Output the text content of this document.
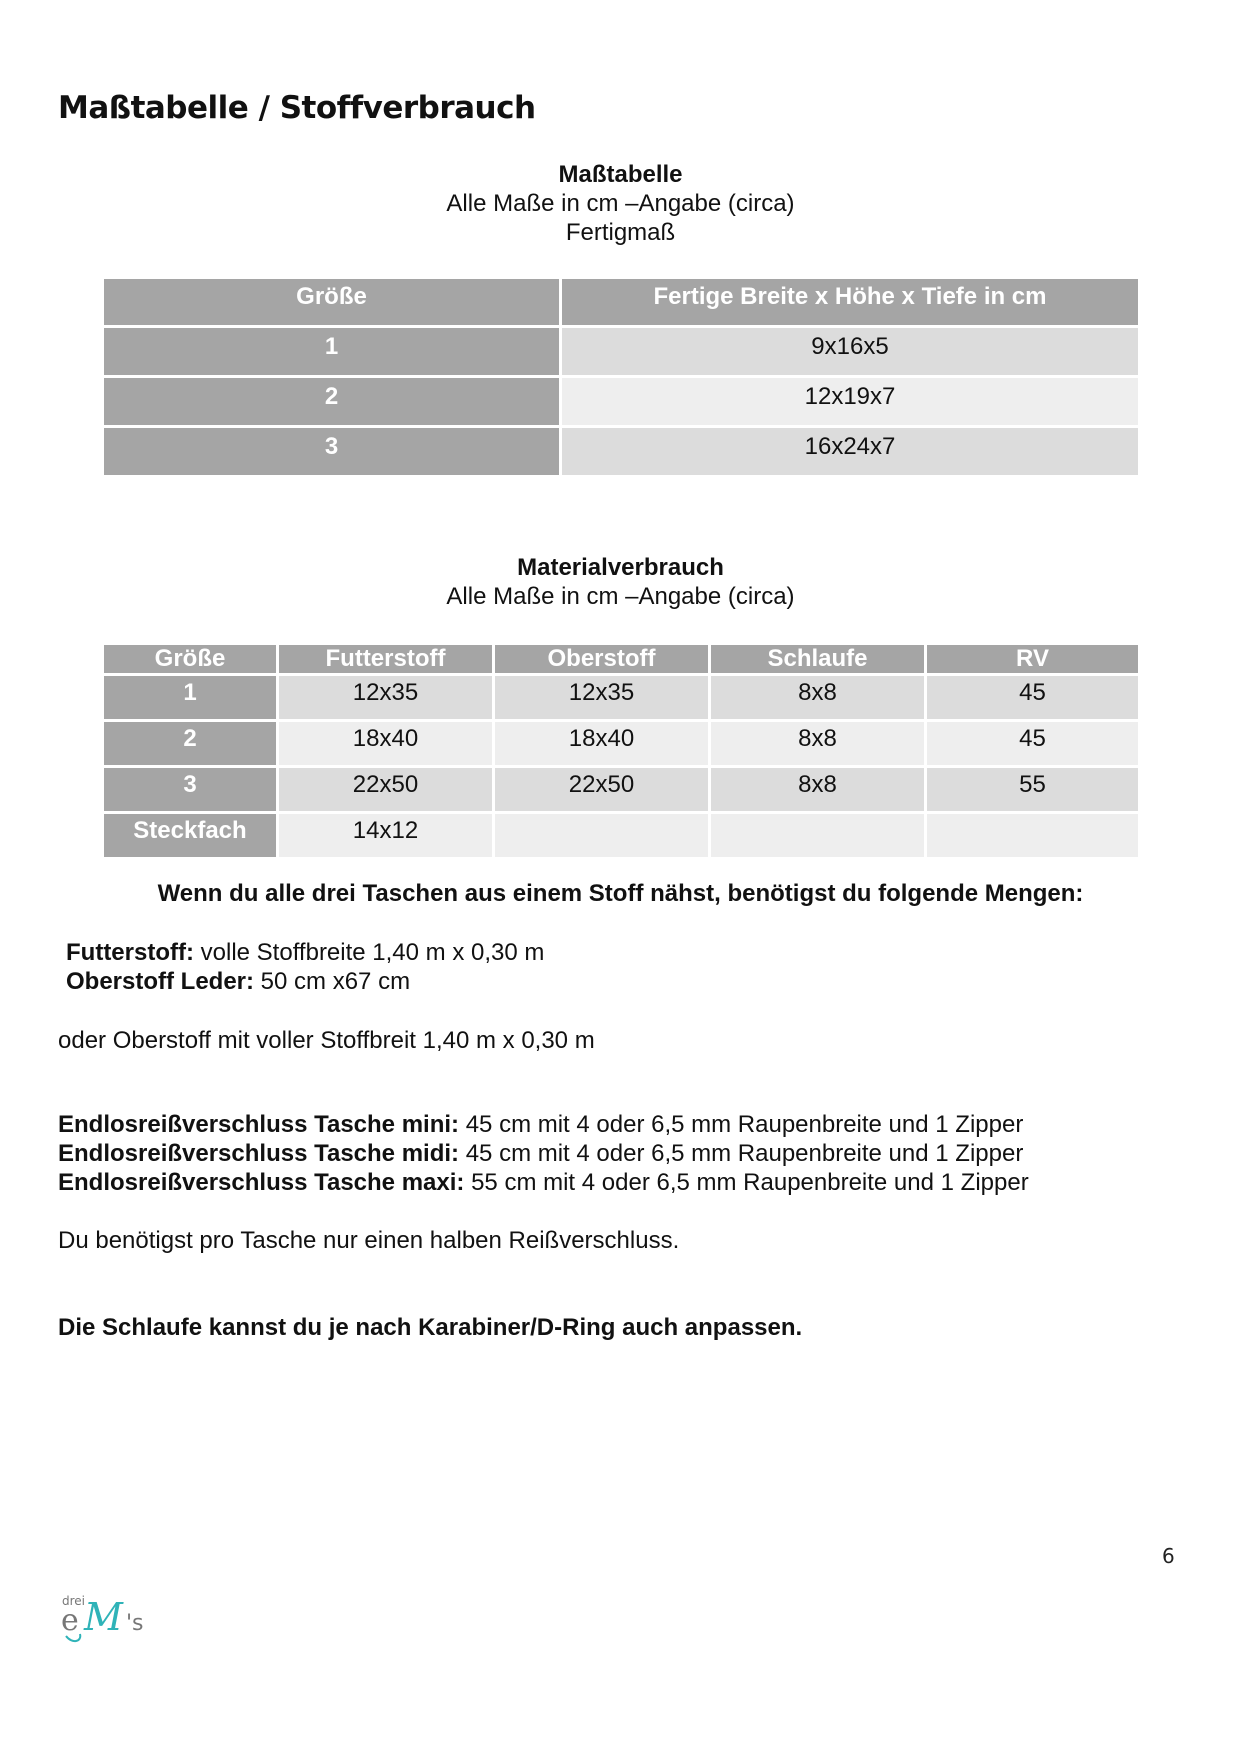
Maßtabelle / Stoffverbrauch
Maßtabelle
Alle Maße in cm –Angabe (circa)
Fertigmaß
Größe	Fertige Breite x Höhe x Tiefe in cm
1	9x16x5
2	12x19x7
3	16x24x7
Materialverbrauch
Alle Maße in cm –Angabe (circa)
Größe	Futterstoff	Oberstoff	Schlaufe	RV
1	12x35	12x35	8x8	45
2	18x40	18x40	8x8	45
3	22x50	22x50	8x8	55
Steckfach	14x12			
Wenn du alle drei Taschen aus einem Stoff nähst, benötigst du folgende Mengen:
Futterstoff: volle Stoffbreite 1,40 m x 0,30 m
Oberstoff Leder: 50 cm x67 cm
oder Oberstoff mit voller Stoffbreit 1,40 m x 0,30 m
Endlosreißverschluss Tasche mini: 45 cm mit 4 oder 6,5 mm Raupenbreite und 1 Zipper
Endlosreißverschluss Tasche midi: 45 cm mit 4 oder 6,5 mm Raupenbreite und 1 Zipper
Endlosreißverschluss Tasche maxi: 55 cm mit 4 oder 6,5 mm Raupenbreite und 1 Zipper
Du benötigst pro Tasche nur einen halben Reißverschluss.
Die Schlaufe kannst du je nach Karabiner/D-Ring auch anpassen.
6
drei
e M 's
